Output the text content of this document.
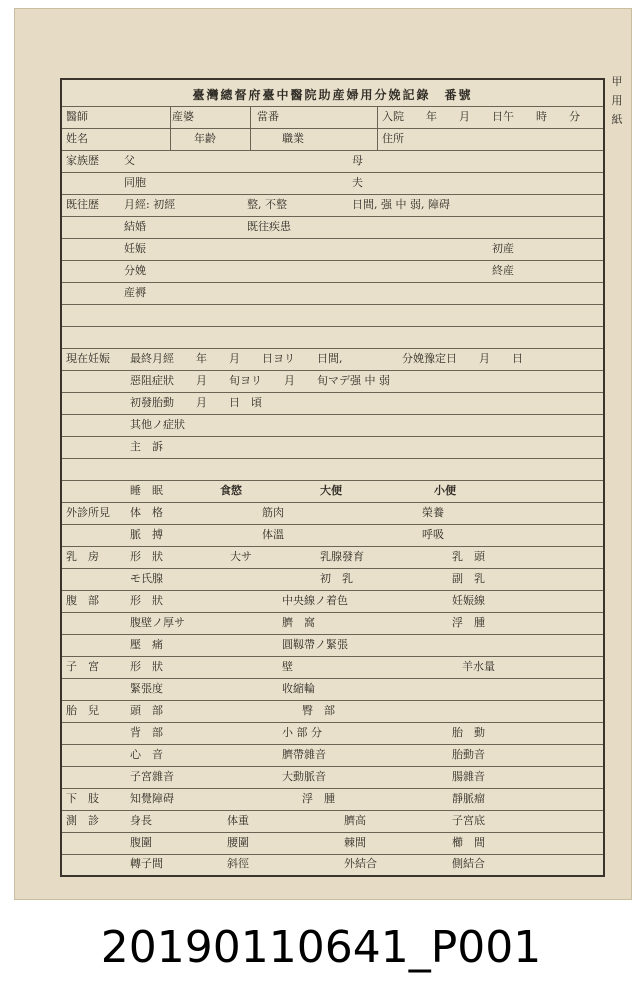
甲
用
紙
臺灣總督府臺中醫院助産婦用分娩記錄　番號
醫師	産婆	當番	入院　　年　　月　　日午　　時　　分
姓名	年齡	職業	住所
家族歴 父	母
同胞	夫
既往歴 月經: 初經	整, 不整	日間, 强 中 弱, 障碍
結婚	既往疾患
妊娠	初産
分娩	終産
産褥
現在妊娠 最終月經　　年　　月　　日ヨリ　　日間,	分娩豫定日　　月　　日
惡阻症狀　　月　　旬ヨリ　　月　　旬マデ强 中 弱
初發胎動　　月　　日　頃
其他ノ症狀
主　訴
睡　眠	食慾	大便	小便
外診所見 体　格	筋肉	榮養
脈　搏	体溫	呼吸
乳　房	形　狀	大サ	乳腺發育	乳　頭
モ氏腺	初　乳	副　乳
腹　部	形　狀	中央線ノ着色	妊娠線
腹壁ノ厚サ	臍　窩	浮　腫
壓　痛	圓靱帶ノ緊張
子　宮	形　狀	壁	羊水量
緊張度	收縮輪
胎　兒	頭　部	臀　部
背　部	小 部 分	胎　動
心　音	臍帶雜音	胎動音
子宮雜音	大動脈音	腸雜音
下　肢	知覺障碍	浮　腫	靜脈瘤
測　診	身長	体重	臍高	子宮底
腹圍	腰圍	棘間	櫛　間
轉子間	斜徑	外結合	側結合
20190110641_P001
